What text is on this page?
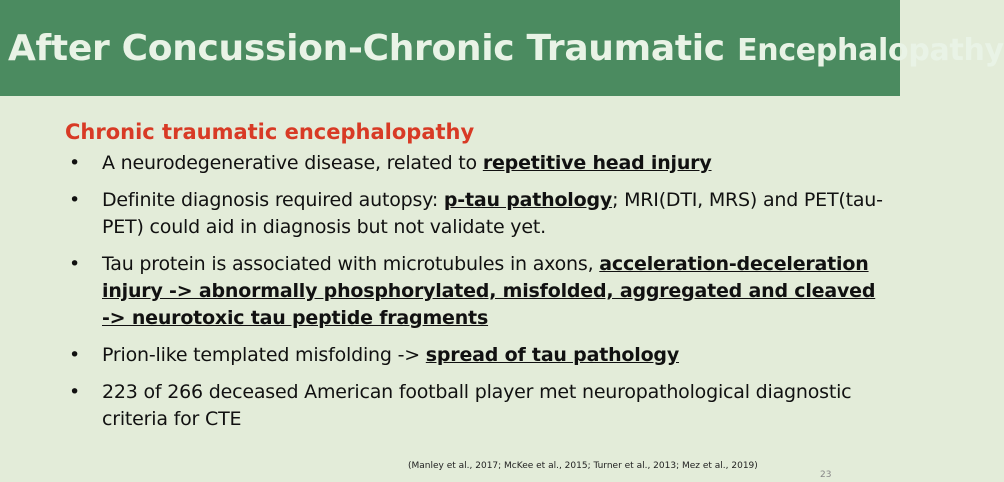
After Concussion-Chronic Traumatic Encephalopathy
Chronic traumatic encephalopathy
• A neurodegenerative disease, related to repetitive head injury
• Definite diagnosis required autopsy: p-tau pathology; MRI(DTI, MRS) and PET(tau-PET) could aid in diagnosis but not validate yet.
• Tau protein is associated with microtubules in axons, acceleration-deceleration injury -> abnormally phosphorylated, misfolded, aggregated and cleaved -> neurotoxic tau peptide fragments
• Prion-like templated misfolding -> spread of tau pathology
• 223 of 266 deceased American football player met neuropathological diagnostic criteria for CTE
(Manley et al., 2017; McKee et al., 2015; Turner et al., 2013; Mez et al., 2019)
23
